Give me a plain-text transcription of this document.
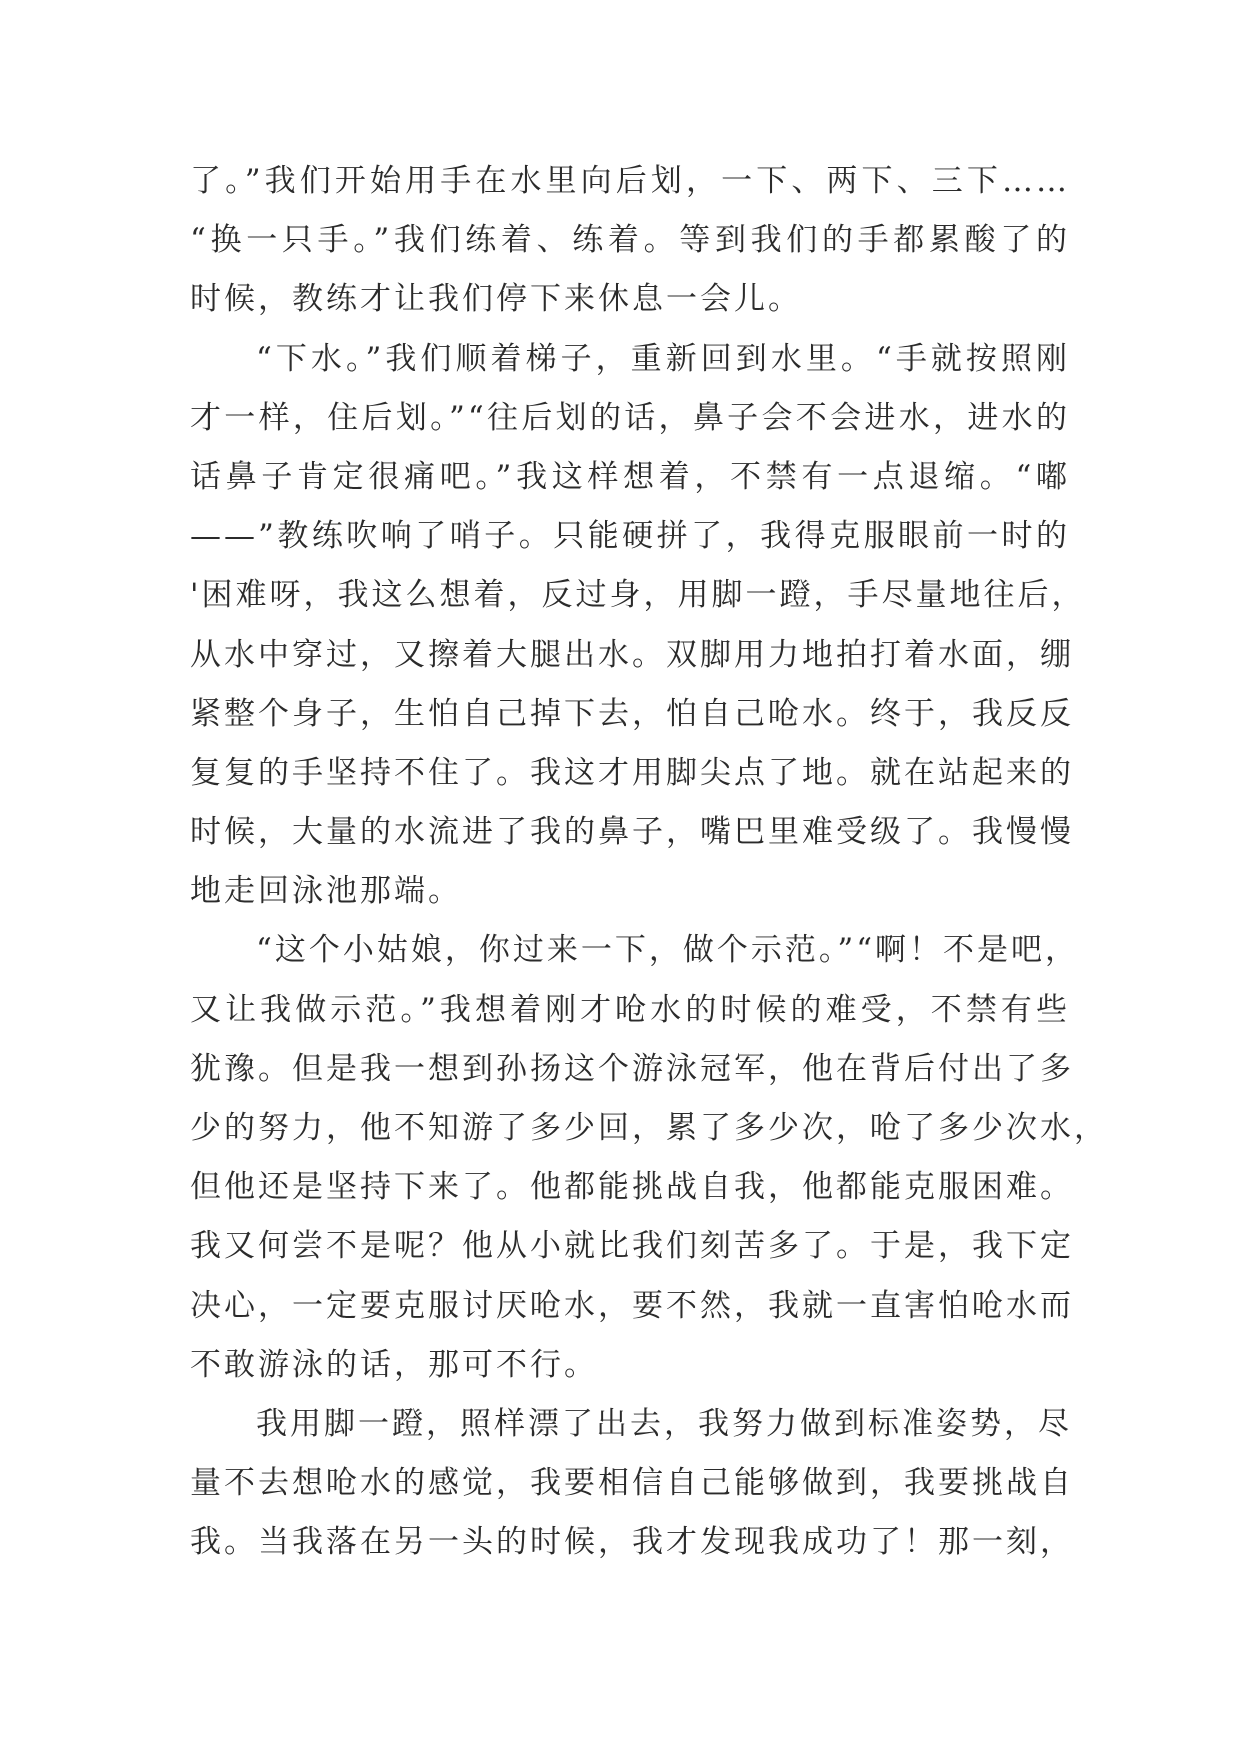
了。”我们开始用手在水里向后划，一下、两下、三下……
“换一只手。”我们练着、练着。等到我们的手都累酸了的
时候，教练才让我们停下来休息一会儿。
“下水。”我们顺着梯子，重新回到水里。“手就按照刚
才一样，住后划。”“往后划的话，鼻子会不会进水，进水的
话鼻子肯定很痛吧。”我这样想着，不禁有一点退缩。“嘟
——”教练吹响了哨子。只能硬拼了，我得克服眼前一时的
'困难呀，我这么想着，反过身，用脚一蹬，手尽量地往后，
从水中穿过，又擦着大腿出水。双脚用力地拍打着水面，绷
紧整个身子，生怕自己掉下去，怕自己呛水。终于，我反反
复复的手坚持不住了。我这才用脚尖点了地。就在站起来的
时候，大量的水流进了我的鼻子，嘴巴里难受级了。我慢慢
地走回泳池那端。
“这个小姑娘，你过来一下，做个示范。”“啊！不是吧，
又让我做示范。”我想着刚才呛水的时候的难受，不禁有些
犹豫。但是我一想到孙扬这个游泳冠军，他在背后付出了多
少的努力，他不知游了多少回，累了多少次，呛了多少次水，
但他还是坚持下来了。他都能挑战自我，他都能克服困难。
我又何尝不是呢？他从小就比我们刻苦多了。于是，我下定
决心，一定要克服讨厌呛水，要不然，我就一直害怕呛水而
不敢游泳的话，那可不行。
我用脚一蹬，照样漂了出去，我努力做到标准姿势，尽
量不去想呛水的感觉，我要相信自己能够做到，我要挑战自
我。当我落在另一头的时候，我才发现我成功了！那一刻，
